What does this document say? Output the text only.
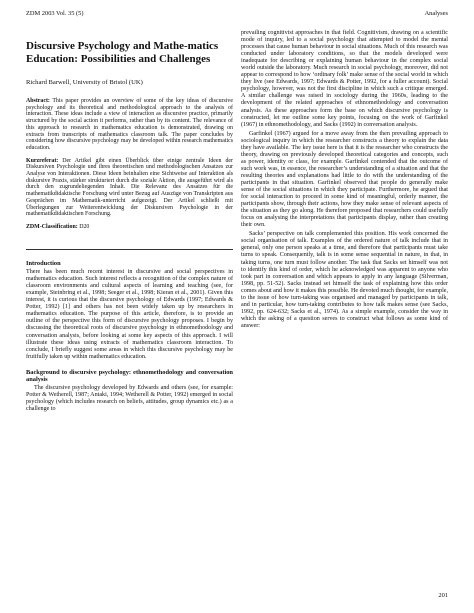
ZDM 2003 Vol. 35 (5)	Analyses
Discursive Psychology and Mathe-matics Education: Possibilities and Challenges
Richard Barwell, University of Bristol (UK)

Abstract: This paper provides an overview of some of the key ideas of discursive psychology and its theoretical and methodological approach to the analysis of interaction. These ideas include a view of interaction as discursive practice, primarily structured by the social action it performs, rather than by its content. The relevance of this approach to research in mathematics education is demonstrated, drawing on extracts from transcripts of mathematics classroom talk. The paper concludes by considering how discursive psychology may be developed within research mathematics education.

Kurzreferat: Der Artikel gibt einen Überblick über einige zentrale Ideen der Diskursiven Psychologie und ihres theoretischen und methodologischen Ansatzes zur Analyse von Interaktionen. Diese Ideen beinhalten eine Sichtweise auf Interaktion als diskursive Praxis, stärker strukturiert durch die soziale Aktion, die ausgeführt wird als durch den zugrundeliegenden Inhalt. Die Relevanz des Ansatzes für die mathematikdidaktische Forschung wird unter Bezug auf Auszüge von Transkripten aus Gesprächen im Mathematik-unterricht aufgezeigt. Der Artikel schließt mit Überlegungen zur Weiterentwicklung der Diskursiven Psychologie in der mathematikdidaktischen Forschung.

ZDM-Classification: D20

Introduction

There has been much recent interest in discursive and social perspectives in mathematics education. Such interest reflects a recognition of the complex nature of classroom environments and cultural aspects of learning and teaching (see, for example, Steinbring et al., 1998; Seeger et al., 1998; Kieran et al., 2001). Given this interest, it is curious that the discursive psychology of Edwards (1997; Edwards & Potter, 1992) [1] and others has not been widely taken up by researchers in mathematics education. The purpose of this article, therefore, is to provide an outline of the perspective this form of discursive psychology proposes. I begin by discussing the theoretical roots of discursive psychology in ethnomethodology and conversation analysis, before looking at some key aspects of this approach. I will illustrate these ideas using extracts of mathematics classroom interaction. To conclude, I briefly suggest some areas in which this discursive psychology may be fruitfully taken up within mathematics education.

Background to discursive psychology: ethnomethodology and conversation analysis

The discursive psychology developed by Edwards and others (see, for example: Potter & Wetherell, 1987; Antaki, 1994; Wetherell & Potter, 1992) emerged in social psychology (which includes research on beliefs, attitudes, group dynamics etc.) as a challenge to

prevailing cognitivist approaches in that field. Cognitivism, drawing on a scientific mode of inquiry, led to a social psychology that attempted to model the mental processes that cause human behaviour in social situations. Much of this research was conducted under laboratory conditions, so that the models developed were inadequate for describing or explaining human behaviour in the complex social world outside the laboratory. Much research in social psychology, moreover, did not appear to correspond to how ‘ordinary folk’ make sense of the social world in which they live (see Edwards, 1997; Edwards & Potter, 1992, for a fuller account). Social psychology, however, was not the first discipline in which such a critique emerged. A similar challenge was raised in sociology during the 1960s, leading to the development of the related approaches of ethnomethodology and conversation analysis. As these approaches form the base on which discursive psychology is constructed, let me outline some key points, focusing on the work of Garfinkel (1967) in ethnomethodology, and Sacks (1992) in conversation analysis.

Garfinkel (1967) argued for a move away from the then prevailing approach to sociological inquiry in which the researcher constructs a theory to explain the data they have available. The key issue here is that it is the researcher who constructs the theory, drawing on previously developed theoretical categories and concepts, such as power, identity or class, for example. Garfinkel contended that the outcome of such work was, in essence, the researcher’s understanding of a situation and that the resulting theories and explanations had little to do with the understanding of the participants in that situation. Garfinkel observed that people do generally make sense of the social situations in which they participate. Furthermore, he argued that for social interaction to proceed in some kind of meaningful, orderly manner, the participants show, through their actions, how they make sense of relevant aspects of the situation as they go along. He therefore proposed that researchers could usefully focus on analysing the interpretations that participants display, rather than creating their own.

Sacks’ perspective on talk complemented this position. His work concerned the social organisation of talk. Examples of the ordered nature of talk include that in general, only one person speaks at a time, and therefore that participants must take turns to speak. Consequently, talk is in some sense sequential in nature, in that, in taking turns, one turn must follow another. The task that Sacks set himself was not to identify this kind of order, which he acknowledged was apparent to anyone who took part in conversation and which appears to apply in any language (Silverman, 1998, pp. 51-52). Sacks instead set himself the task of explaining how this order comes about and how it makes this possible. He devoted much thought, for example, to the issue of how turn-taking was organised and managed by participants in talk, and in particular, how turn-taking contributes to how talk makes sense (see Sacks, 1992, pp. 624-632; Sacks et al., 1974). As a simple example, consider the way in which the asking of a question serves to construct what follows as some kind of answer:

201
